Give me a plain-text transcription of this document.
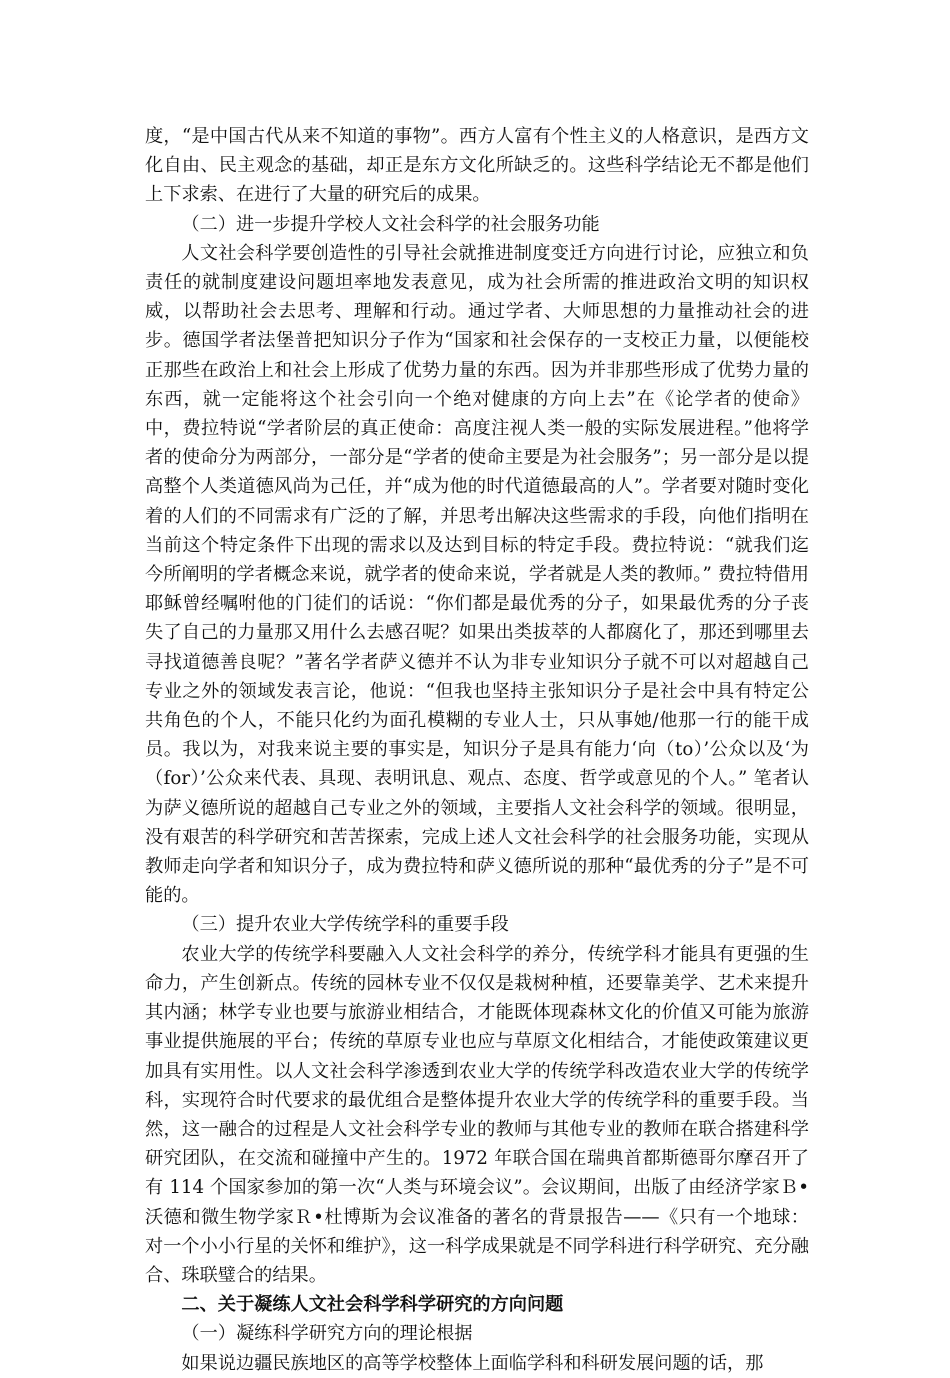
度，“是中国古代从来不知道的事物”。西方人富有个性主义的人格意识，是西方文化自由、民主观念的基础，却正是东方文化所缺乏的。这些科学结论无不都是他们上下求索、在进行了大量的研究后的成果。

（二）进一步提升学校人文社会科学的社会服务功能

人文社会科学要创造性的引导社会就推进制度变迁方向进行讨论，应独立和负责任的就制度建设问题坦率地发表意见，成为社会所需的推进政治文明的知识权威，以帮助社会去思考、理解和行动。通过学者、大师思想的力量推动社会的进步。德国学者法堡普把知识分子作为“国家和社会保存的一支校正力量，以便能校正那些在政治上和社会上形成了优势力量的东西。因为并非那些形成了优势力量的东西，就一定能将这个社会引向一个绝对健康的方向上去”在《论学者的使命》中，费拉特说“学者阶层的真正使命：高度注视人类一般的实际发展进程。”他将学者的使命分为两部分，一部分是“学者的使命主要是为社会服务”；另一部分是以提高整个人类道德风尚为己任，并“成为他的时代道德最高的人”。学者要对随时变化着的人们的不同需求有广泛的了解，并思考出解决这些需求的手段，向他们指明在当前这个特定条件下出现的需求以及达到目标的特定手段。费拉特说：“就我们迄今所阐明的学者概念来说，就学者的使命来说，学者就是人类的教师。” 费拉特借用耶稣曾经嘱咐他的门徒们的话说：“你们都是最优秀的分子，如果最优秀的分子丧失了自己的力量那又用什么去感召呢？如果出类拔萃的人都腐化了，那还到哪里去寻找道德善良呢？”著名学者萨义德并不认为非专业知识分子就不可以对超越自己专业之外的领域发表言论，他说：“但我也坚持主张知识分子是社会中具有特定公共角色的个人，不能只化约为面孔模糊的专业人士，只从事她/他那一行的能干成员。我以为，对我来说主要的事实是，知识分子是具有能力‘向（to）’公众以及‘为（for）’公众来代表、具现、表明讯息、观点、态度、哲学或意见的个人。” 笔者认为萨义德所说的超越自己专业之外的领域，主要指人文社会科学的领域。很明显，没有艰苦的科学研究和苦苦探索，完成上述人文社会科学的社会服务功能，实现从教师走向学者和知识分子，成为费拉特和萨义德所说的那种“最优秀的分子”是不可能的。

（三）提升农业大学传统学科的重要手段

农业大学的传统学科要融入人文社会科学的养分，传统学科才能具有更强的生命力，产生创新点。传统的园林专业不仅仅是栽树种植，还要靠美学、艺术来提升其内涵；林学专业也要与旅游业相结合，才能既体现森林文化的价值又可能为旅游事业提供施展的平台；传统的草原专业也应与草原文化相结合，才能使政策建议更加具有实用性。以人文社会科学渗透到农业大学的传统学科改造农业大学的传统学科，实现符合时代要求的最优组合是整体提升农业大学的传统学科的重要手段。当然，这一融合的过程是人文社会科学专业的教师与其他专业的教师在联合搭建科学研究团队，在交流和碰撞中产生的。1972 年联合国在瑞典首都斯德哥尔摩召开了有 114 个国家参加的第一次“人类与环境会议”。会议期间，出版了由经济学家Ｂ•沃德和微生物学家Ｒ•杜博斯为会议准备的著名的背景报告——《只有一个地球：对一个小小行星的关怀和维护》，这一科学成果就是不同学科进行科学研究、充分融合、珠联璧合的结果。

二、关于凝练人文社会科学科学研究的方向问题

（一）凝练科学研究方向的理论根据

如果说边疆民族地区的高等学校整体上面临学科和科研发展问题的话，那
